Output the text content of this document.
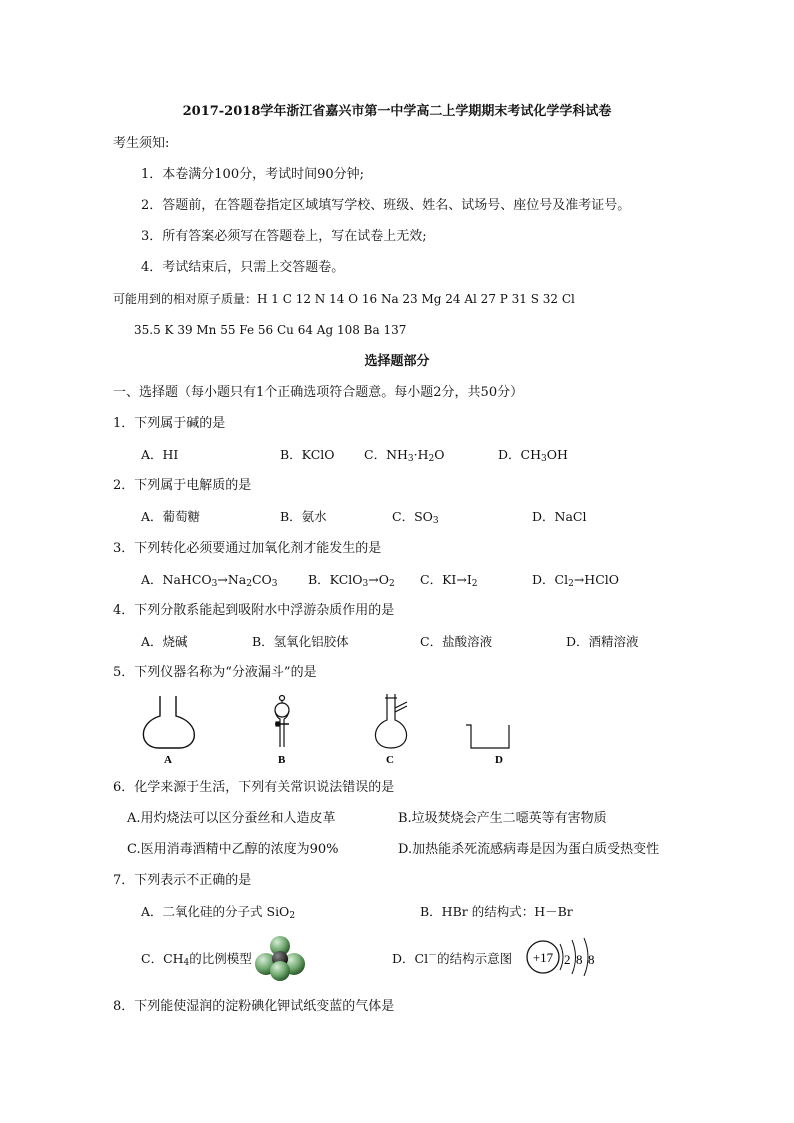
2017-2018学年浙江省嘉兴市第一中学高二上学期期末考试化学学科试卷
考生须知:
1．本卷满分100分，考试时间90分钟;
2．答题前，在答题卷指定区域填写学校、班级、姓名、试场号、座位号及准考证号。
3．所有答案必须写在答题卷上，写在试卷上无效;
4．考试结束后，只需上交答题卷。
可能用到的相对原子质量：H 1 C 12 N 14 O 16 Na 23 Mg 24 Al 27 P 31 S 32 Cl
35.5 K 39 Mn 55 Fe 56 Cu 64 Ag 108 Ba 137
选择题部分
一、选择题（每小题只有1个正确选项符合题意。每小题2分，共50分）
1．下列属于碱的是
A．HI	B．KClO C．$NH_3\cdot H_2O$	D．$CH_3OH$
2．下列属于电解质的是
A．葡萄糖	B．氨水	C．$SO_3$	D．NaCl
3．下列转化必须要通过加氧化剂才能发生的是
A．$NaHCO_3\to Na_2CO_3$ B．$KClO_3\to O_2$ C．$KI\to I_2$	D．$Cl_2\to HClO$
4．下列分散系能起到吸附水中浮游杂质作用的是
A．烧碱	B．氢氧化铝胶体	C．盐酸溶液	D．酒精溶液
5．下列仪器名称为“分液漏斗”的是
A	B	C	D
6．化学来源于生活，下列有关常识说法错误的是
A.用灼烧法可以区分蚕丝和人造皮革	B.垃圾焚烧会产生二噁英等有害物质
C.医用消毒酒精中乙醇的浓度为90%	D.加热能杀死流感病毒是因为蛋白质受热变性
7．下列表示不正确的是
A．二氧化硅的分子式 SiO$_2$	B．HBr 的结构式：H－Br
C．$CH_4$的比例模型	D．Cl－的结构示意图 +17 2 8 8
8．下列能使湿润的淀粉碘化钾试纸变蓝的气体是
